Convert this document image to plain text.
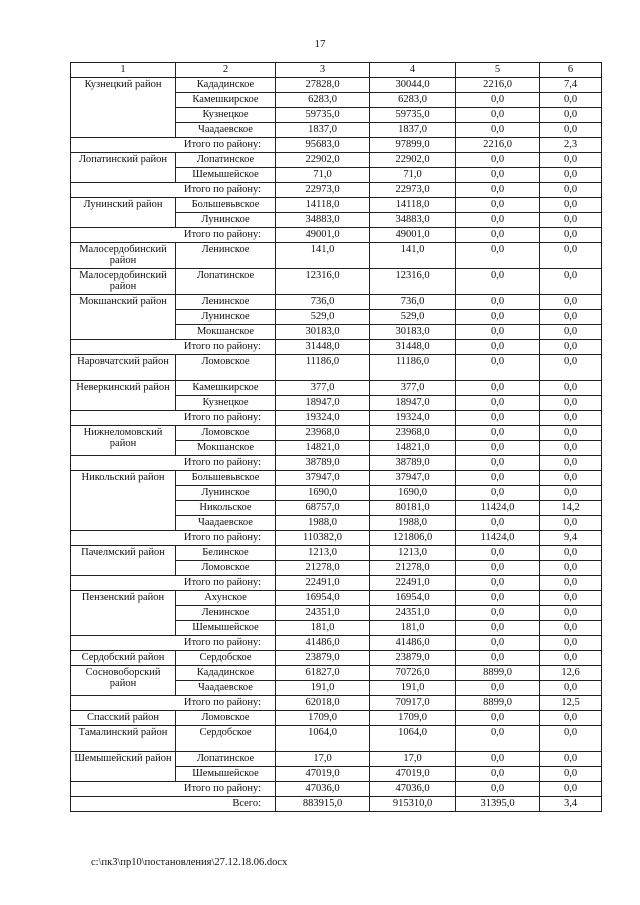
17
1	2	3	4	5	6
Кузнецкий район	Кададинское	27828,0	30044,0	2216,0	7,4
	Камешкирское	6283,0	6283,0	0,0	0,0
	Кузнецкое	59735,0	59735,0	0,0	0,0
	Чаадаевское	1837,0	1837,0	0,0	0,0
Итого по району:		95683,0	97899,0	2216,0	2,3
Лопатинский район	Лопатинское	22902,0	22902,0	0,0	0,0
	Шемышейское	71,0	71,0	0,0	0,0
Итого по району:		22973,0	22973,0	0,0	0,0
Лунинский район	Большевьвское	14118,0	14118,0	0,0	0,0
	Лунинское	34883,0	34883,0	0,0	0,0
Итого по району:		49001,0	49001,0	0,0	0,0
Малосердобинский район	Ленинское	141,0	141,0	0,0	0,0
Малосердобинский район	Лопатинское	12316,0	12316,0	0,0	0,0
Мокшанский район	Ленинское	736,0	736,0	0,0	0,0
	Лунинское	529,0	529,0	0,0	0,0
	Мокшанское	30183,0	30183,0	0,0	0,0
Итого по району:		31448,0	31448,0	0,0	0,0
Наровчатский район	Ломовское	11186,0	11186,0	0,0	0,0
Неверкинский район	Камешкирское	377,0	377,0	0,0	0,0
	Кузнецкое	18947,0	18947,0	0,0	0,0
Итого по району:		19324,0	19324,0	0,0	0,0
Нижнеломовский район	Ломовское	23968,0	23968,0	0,0	0,0
	Мокшанское	14821,0	14821,0	0,0	0,0
Итого по району:		38789,0	38789,0	0,0	0,0
Никольский район	Большевьвское	37947,0	37947,0	0,0	0,0
	Лунинское	1690,0	1690,0	0,0	0,0
	Никольское	68757,0	80181,0	11424,0	14,2
	Чаадаевское	1988,0	1988,0	0,0	0,0
Итого по району:		110382,0	121806,0	11424,0	9,4
Пачелмский район	Белинское	1213,0	1213,0	0,0	0,0
	Ломовское	21278,0	21278,0	0,0	0,0
Итого по району:		22491,0	22491,0	0,0	0,0
Пензенский район	Ахунское	16954,0	16954,0	0,0	0,0
	Ленинское	24351,0	24351,0	0,0	0,0
	Шемышейское	181,0	181,0	0,0	0,0
Итого по району:		41486,0	41486,0	0,0	0,0
Сердобский район	Сердобское	23879,0	23879,0	0,0	0,0
Сосновоборский район	Кададинское	61827,0	70726,0	8899,0	12,6
	Чаадаевское	191,0	191,0	0,0	0,0
Итого по району:		62018,0	70917,0	8899,0	12,5
Спасский район	Ломовское	1709,0	1709,0	0,0	0,0
Тамалинский район	Сердобское	1064,0	1064,0	0,0	0,0
Шемышейский район	Лопатинское	17,0	17,0	0,0	0,0
	Шемышейское	47019,0	47019,0	0,0	0,0
Итого по району:		47036,0	47036,0	0,0	0,0
Всего:		883915,0	915310,0	31395,0	3,4
c:\пк3\пр10\постановления\27.12.18.06.docx
